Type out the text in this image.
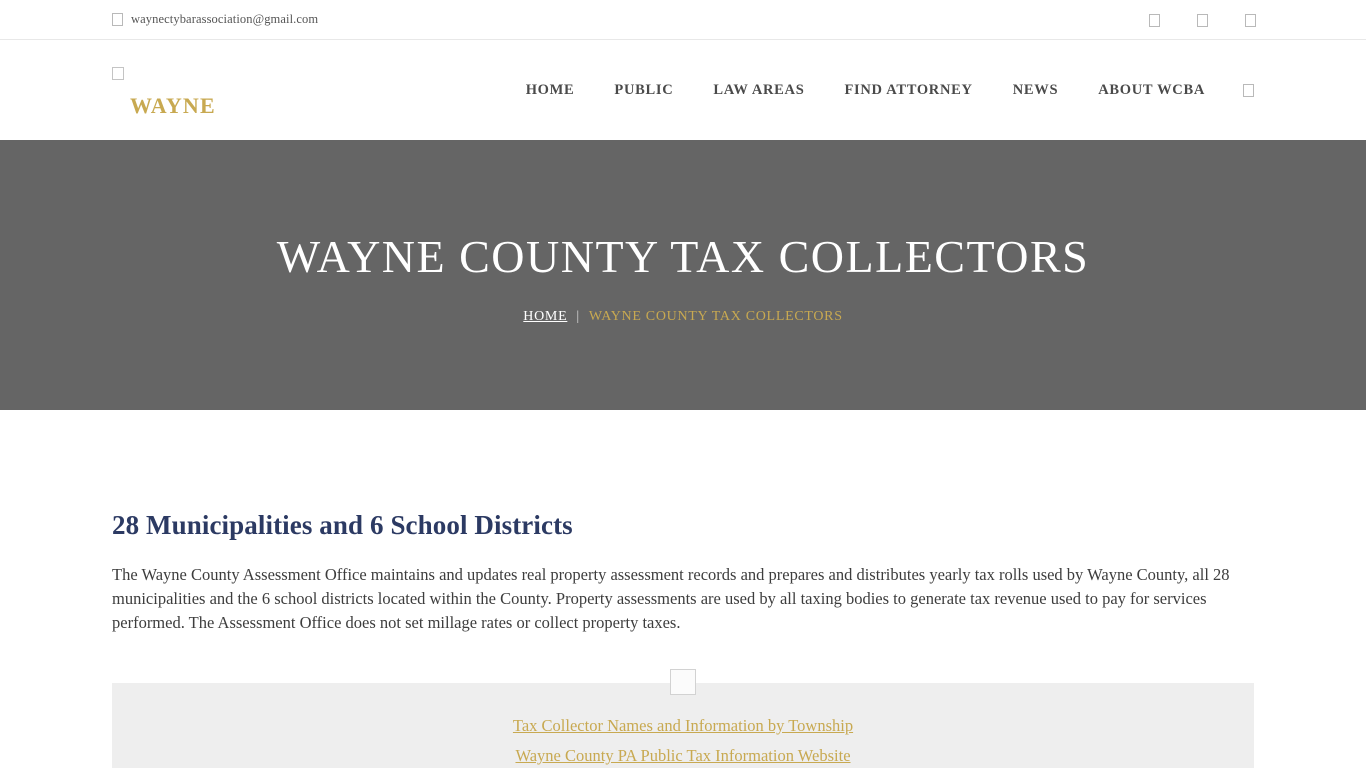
waynectybarassociation@gmail.com
WAYNE
HOME	PUBLIC	LAW AREAS	FIND ATTORNEY	NEWS	ABOUT WCBA
WAYNE COUNTY TAX COLLECTORS
HOME | WAYNE COUNTY TAX COLLECTORS
28 Municipalities and 6 School Districts

The Wayne County Assessment Office maintains and updates real property assessment records and prepares and distributes yearly tax rolls used by Wayne County, all 28 municipalities and the 6 school districts located within the County. Property assessments are used by all taxing bodies to generate tax revenue used to pay for services performed. The Assessment Office does not set millage rates or collect property taxes.

Tax Collector Names and Information by Township
Wayne County PA Public Tax Information Website
